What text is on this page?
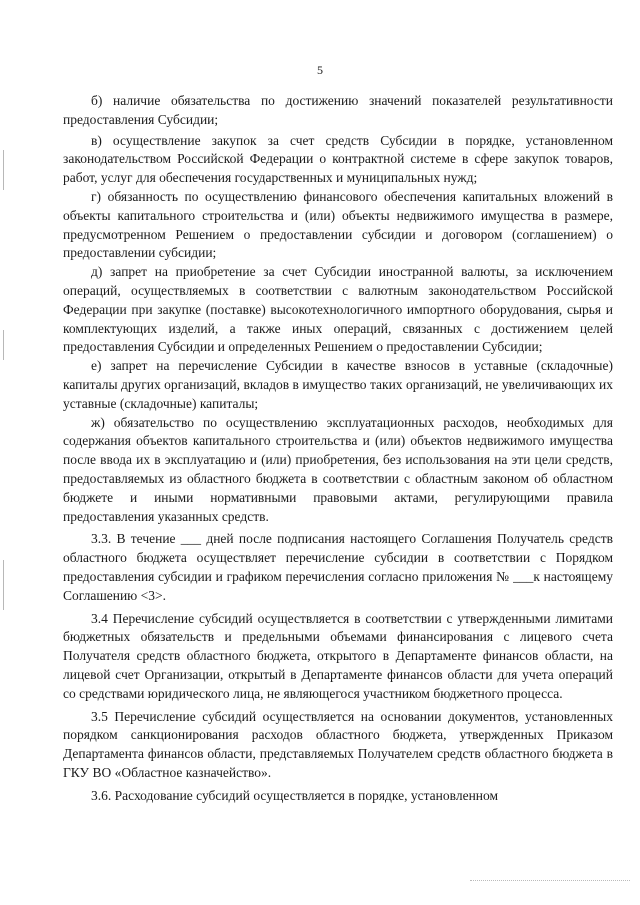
5

б) наличие обязательства по достижению значений показателей результативности предоставления Субсидии;

в) осуществление закупок за счет средств Субсидии в порядке, установленном законодательством Российской Федерации о контрактной системе в сфере закупок товаров, работ, услуг для обеспечения государственных и муниципальных нужд;

г) обязанность по осуществлению финансового обеспечения капитальных вложений в объекты капитального строительства и (или) объекты недвижимого имущества в размере, предусмотренном Решением о предоставлении субсидии и договором (соглашением) о предоставлении субсидии;

д) запрет на приобретение за счет Субсидии иностранной валюты, за исключением операций, осуществляемых в соответствии с валютным законодательством Российской Федерации при закупке (поставке) высокотехнологичного импортного оборудования, сырья и комплектующих изделий, а также иных операций, связанных с достижением целей предоставления Субсидии и определенных Решением о предоставлении Субсидии;

е) запрет на перечисление Субсидии в качестве взносов в уставные (складочные) капиталы других организаций, вкладов в имущество таких организаций, не увеличивающих их уставные (складочные) капиталы;

ж) обязательство по осуществлению эксплуатационных расходов, необходимых для содержания объектов капитального строительства и (или) объектов недвижимого имущества после ввода их в эксплуатацию и (или) приобретения, без использования на эти цели средств, предоставляемых из областного бюджета в соответствии с областным законом об областном бюджете и иными нормативными правовыми актами, регулирующими правила предоставления указанных средств.

3.3. В течение ___ дней после подписания настоящего Соглашения Получатель средств областного бюджета осуществляет перечисление субсидии в соответствии с Порядком предоставления субсидии и графиком перечисления согласно приложения № ___к настоящему Соглашению <3>.

3.4 Перечисление субсидий осуществляется в соответствии с утвержденными лимитами бюджетных обязательств и предельными объемами финансирования с лицевого счета Получателя средств областного бюджета, открытого в Департаменте финансов области, на лицевой счет Организации, открытый в Департаменте финансов области для учета операций со средствами юридического лица, не являющегося участником бюджетного процесса.

3.5 Перечисление субсидий осуществляется на основании документов, установленных порядком санкционирования расходов областного бюджета, утвержденных Приказом Департамента финансов области, представляемых Получателем средств областного бюджета в ГКУ ВО «Областное казначейство».

3.6. Расходование субсидий осуществляется в порядке, установленном
